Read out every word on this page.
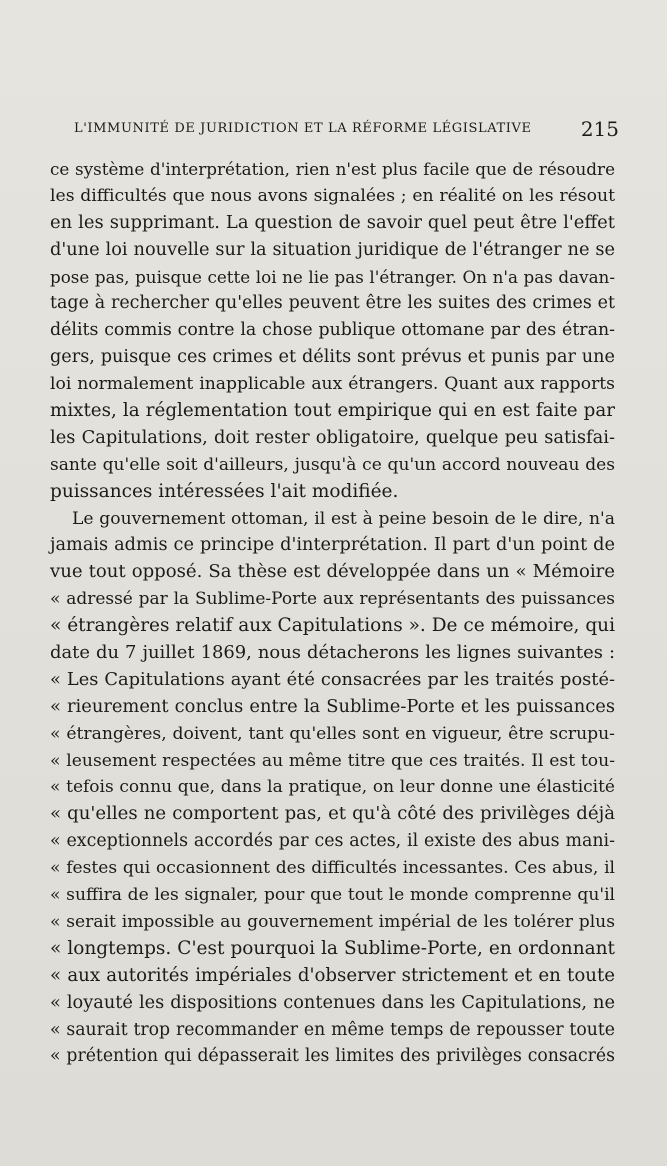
L'IMMUNITÉ DE JURIDICTION ET LA RÉFORME LÉGISLATIVE 215
ce système d'interprétation, rien n'est plus facile que de résoudre
les difficultés que nous avons signalées ; en réalité on les résout
en les supprimant. La question de savoir quel peut être l'effet
d'une loi nouvelle sur la situation juridique de l'étranger ne se
pose pas, puisque cette loi ne lie pas l'étranger. On n'a pas davan-
tage à rechercher qu'elles peuvent être les suites des crimes et
délits commis contre la chose publique ottomane par des étran-
gers, puisque ces crimes et délits sont prévus et punis par une
loi normalement inapplicable aux étrangers. Quant aux rapports
mixtes, la réglementation tout empirique qui en est faite par
les Capitulations, doit rester obligatoire, quelque peu satisfai-
sante qu'elle soit d'ailleurs, jusqu'à ce qu'un accord nouveau des
puissances intéressées l'ait modifiée.
Le gouvernement ottoman, il est à peine besoin de le dire, n'a
jamais admis ce principe d'interprétation. Il part d'un point de
vue tout opposé. Sa thèse est développée dans un « Mémoire
« adressé par la Sublime-Porte aux représentants des puissances
« étrangères relatif aux Capitulations ». De ce mémoire, qui
date du 7 juillet 1869, nous détacherons les lignes suivantes :
« Les Capitulations ayant été consacrées par les traités posté-
« rieurement conclus entre la Sublime-Porte et les puissances
« étrangères, doivent, tant qu'elles sont en vigueur, être scrupu-
« leusement respectées au même titre que ces traités. Il est tou-
« tefois connu que, dans la pratique, on leur donne une élasticité
« qu'elles ne comportent pas, et qu'à côté des privilèges déjà
« exceptionnels accordés par ces actes, il existe des abus mani-
« festes qui occasionnent des difficultés incessantes. Ces abus, il
« suffira de les signaler, pour que tout le monde comprenne qu'il
« serait impossible au gouvernement impérial de les tolérer plus
« longtemps. C'est pourquoi la Sublime-Porte, en ordonnant
« aux autorités impériales d'observer strictement et en toute
« loyauté les dispositions contenues dans les Capitulations, ne
« saurait trop recommander en même temps de repousser toute
« prétention qui dépasserait les limites des privilèges consacrés
